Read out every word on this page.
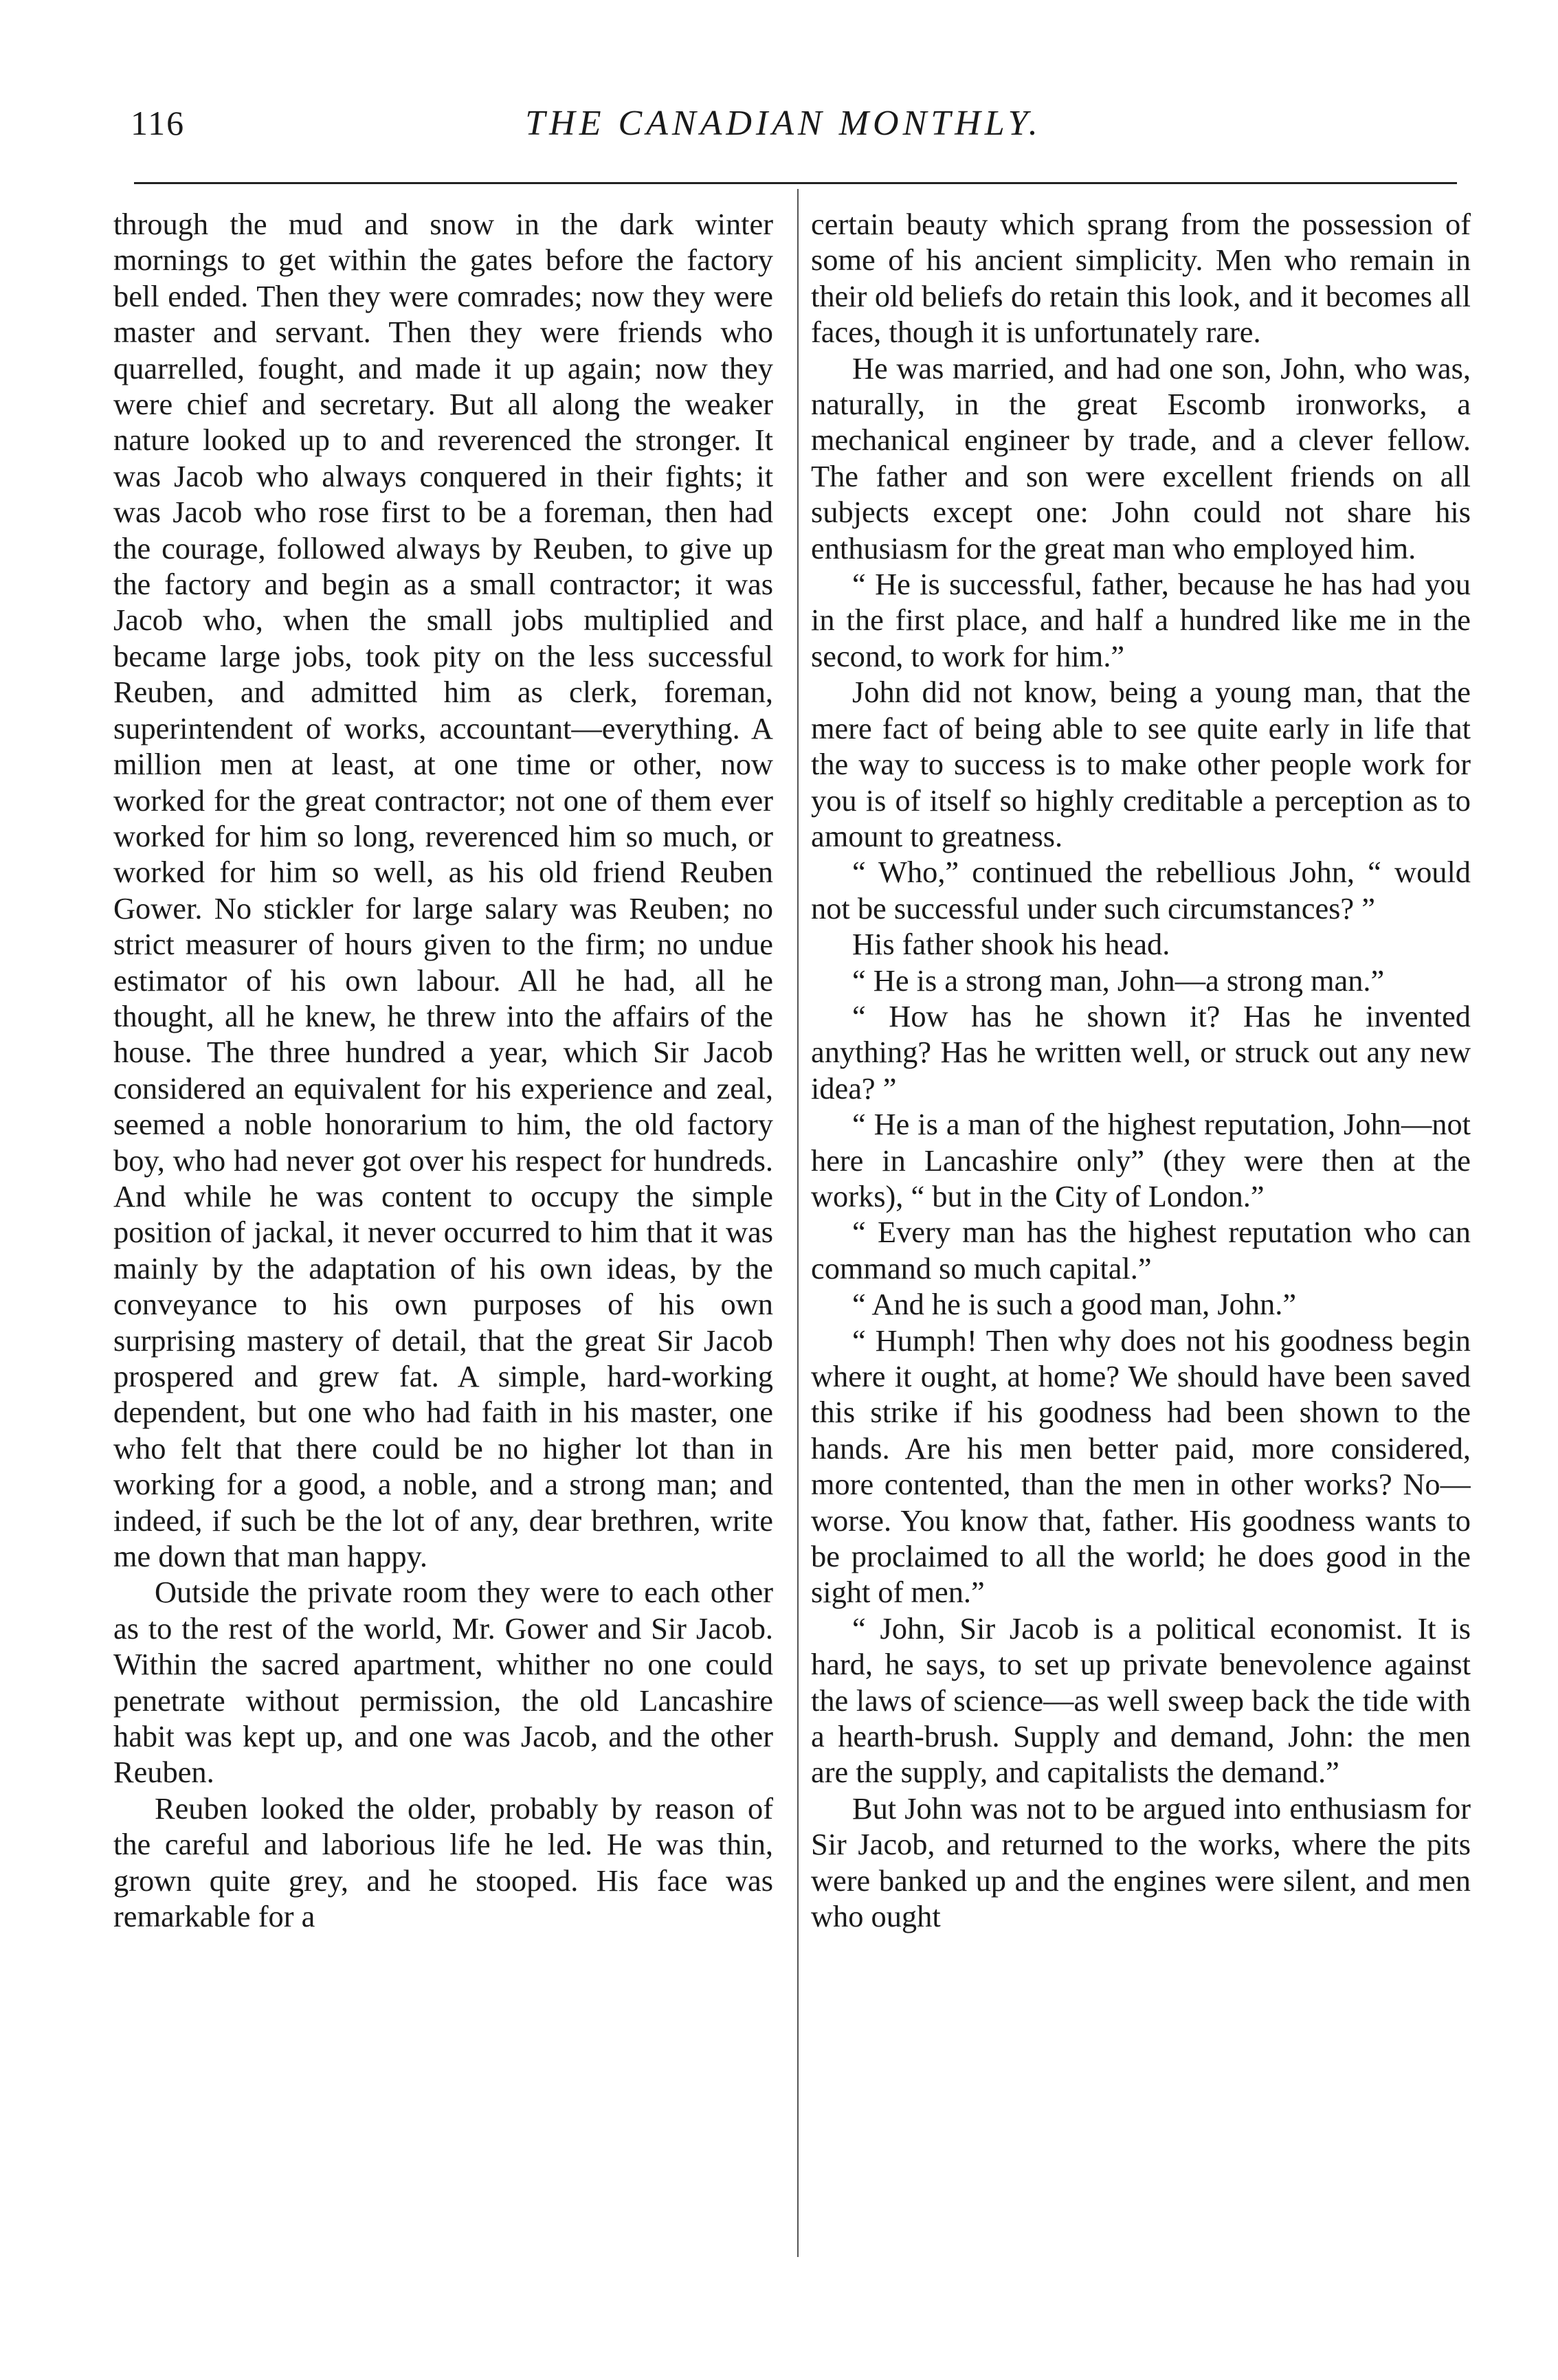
116	THE CANADIAN MONTHLY.

through the mud and snow in the dark winter mornings to get within the gates before the factory bell ended. Then they were comrades; now they were master and servant. Then they were friends who quarrelled, fought, and made it up again; now they were chief and secretary. But all along the weaker nature looked up to and reverenced the stronger. It was Jacob who always conquered in their fights; it was Jacob who rose first to be a foreman, then had the courage, followed always by Reuben, to give up the factory and begin as a small contractor; it was Jacob who, when the small jobs multiplied and became large jobs, took pity on the less successful Reuben, and admitted him as clerk, foreman, superintendent of works, accountant—everything. A million men at least, at one time or other, now worked for the great contractor; not one of them ever worked for him so long, reverenced him so much, or worked for him so well, as his old friend Reuben Gower. No stickler for large salary was Reuben; no strict measurer of hours given to the firm; no undue estimator of his own labour. All he had, all he thought, all he knew, he threw into the affairs of the house. The three hundred a year, which Sir Jacob considered an equivalent for his experience and zeal, seemed a noble honorarium to him, the old factory boy, who had never got over his respect for hundreds. And while he was content to occupy the simple position of jackal, it never occurred to him that it was mainly by the adaptation of his own ideas, by the conveyance to his own purposes of his own surprising mastery of detail, that the great Sir Jacob prospered and grew fat. A simple, hard-working dependent, but one who had faith in his master, one who felt that there could be no higher lot than in working for a good, a noble, and a strong man; and indeed, if such be the lot of any, dear brethren, write me down that man happy.

Outside the private room they were to each other as to the rest of the world, Mr. Gower and Sir Jacob. Within the sacred apartment, whither no one could penetrate without permission, the old Lancashire habit was kept up, and one was Jacob, and the other Reuben.

Reuben looked the older, probably by reason of the careful and laborious life he led. He was thin, grown quite grey, and he stooped. His face was remarkable for a

certain beauty which sprang from the possession of some of his ancient simplicity. Men who remain in their old beliefs do retain this look, and it becomes all faces, though it is unfortunately rare.

He was married, and had one son, John, who was, naturally, in the great Escomb ironworks, a mechanical engineer by trade, and a clever fellow. The father and son were excellent friends on all subjects except one: John could not share his enthusiasm for the great man who employed him.

“ He is successful, father, because he has had you in the first place, and half a hundred like me in the second, to work for him.”

John did not know, being a young man, that the mere fact of being able to see quite early in life that the way to success is to make other people work for you is of itself so highly creditable a perception as to amount to greatness.

“ Who,” continued the rebellious John, “ would not be successful under such circumstances? ”

His father shook his head.

“ He is a strong man, John—a strong man.”

“ How has he shown it? Has he invented anything? Has he written well, or struck out any new idea? ”

“ He is a man of the highest reputation, John—not here in Lancashire only” (they were then at the works), “ but in the City of London.”

“ Every man has the highest reputation who can command so much capital.”

“ And he is such a good man, John.”

“ Humph! Then why does not his goodness begin where it ought, at home? We should have been saved this strike if his goodness had been shown to the hands. Are his men better paid, more considered, more contented, than the men in other works? No—worse. You know that, father. His goodness wants to be proclaimed to all the world; he does good in the sight of men.”

“ John, Sir Jacob is a political economist. It is hard, he says, to set up private benevolence against the laws of science—as well sweep back the tide with a hearth-brush. Supply and demand, John: the men are the supply, and capitalists the demand.”

But John was not to be argued into enthusiasm for Sir Jacob, and returned to the works, where the pits were banked up and the engines were silent, and men who ought
